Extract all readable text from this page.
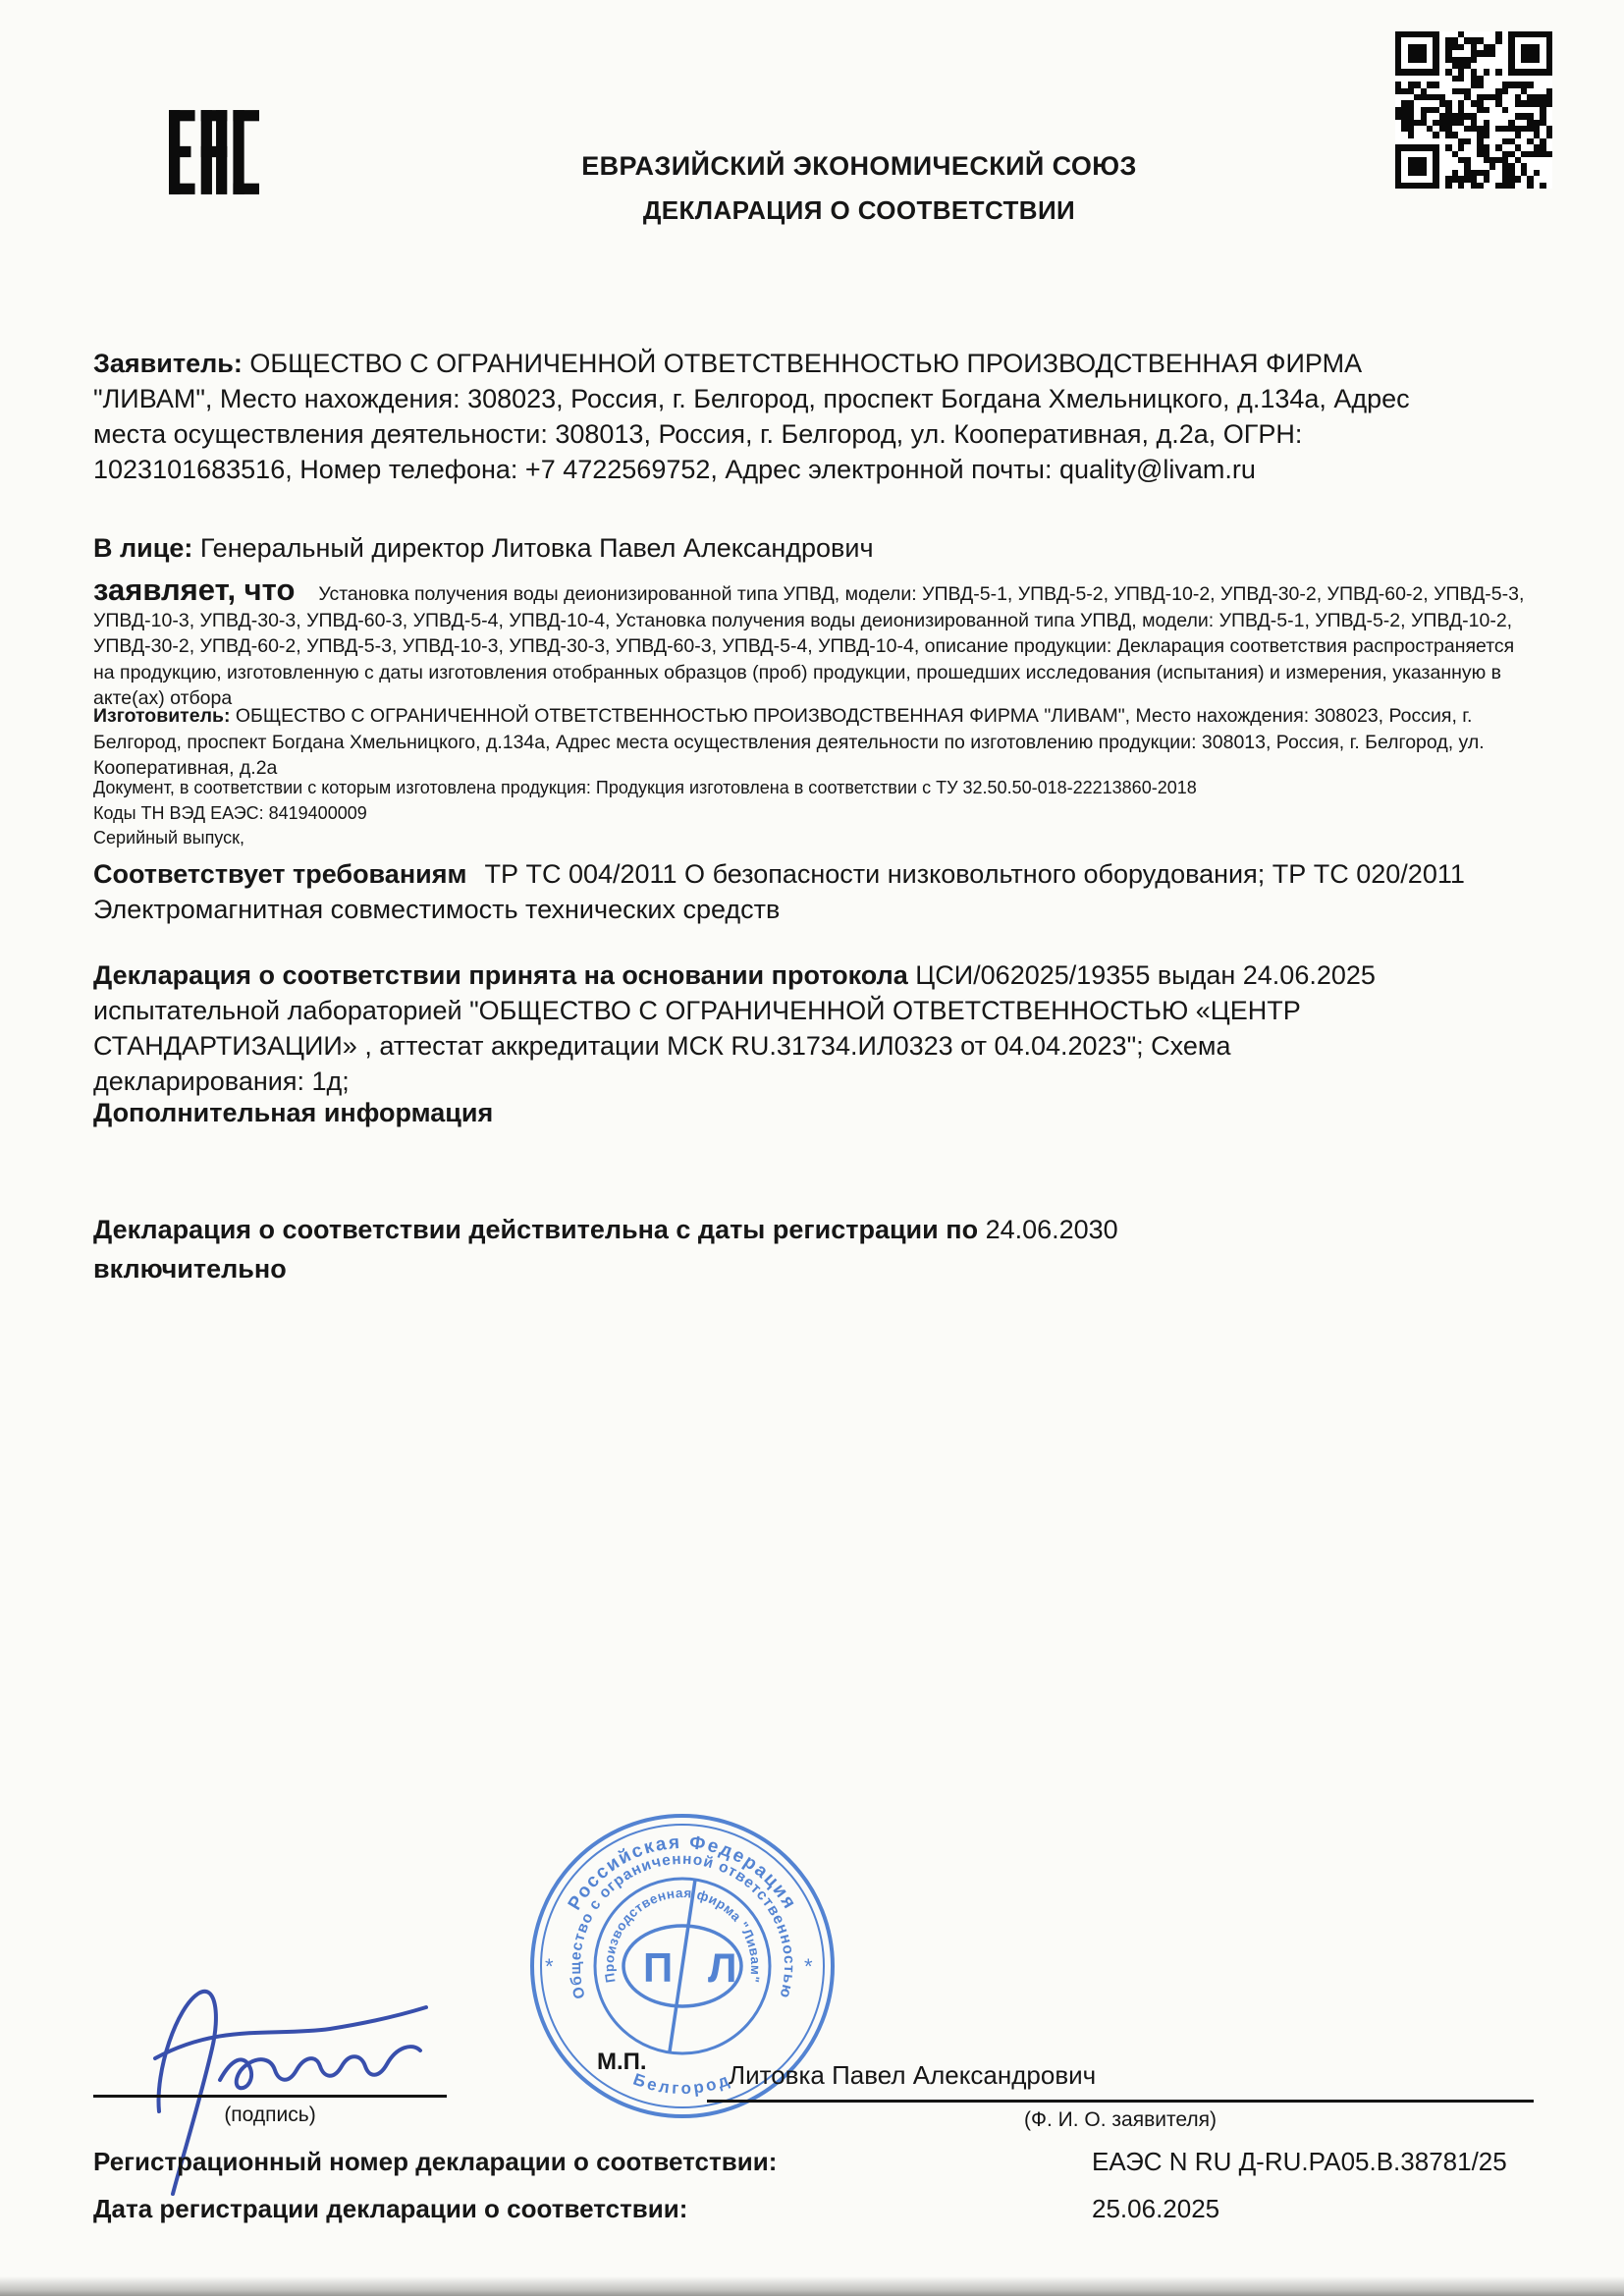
ЕВРАЗИЙСКИЙ ЭКОНОМИЧЕСКИЙ СОЮЗ
ДЕКЛАРАЦИЯ О СООТВЕТСТВИИ
Заявитель: ОБЩЕСТВО С ОГРАНИЧЕННОЙ ОТВЕТСТВЕННОСТЬЮ ПРОИЗВОДСТВЕННАЯ ФИРМА "ЛИВАМ", Место нахождения: 308023, Россия, г. Белгород, проспект Богдана Хмельницкого, д.134а, Адрес места осуществления деятельности: 308013, Россия, г. Белгород, ул. Кооперативная, д.2а, ОГРН: 1023101683516, Номер телефона: +7 4722569752, Адрес электронной почты: quality@livam.ru
В лице: Генеральный директор Литовка Павел Александрович
заявляет, что Установка получения воды деионизированной типа УПВД, модели: УПВД-5-1, УПВД-5-2, УПВД-10-2, УПВД-30-2, УПВД-60-2, УПВД-5-3, УПВД-10-3, УПВД-30-3, УПВД-60-3, УПВД-5-4, УПВД-10-4, Установка получения воды деионизированной типа УПВД, модели: УПВД-5-1, УПВД-5-2, УПВД-10-2, УПВД-30-2, УПВД-60-2, УПВД-5-3, УПВД-10-3, УПВД-30-3, УПВД-60-3, УПВД-5-4, УПВД-10-4, описание продукции: Декларация соответствия распространяется на продукцию, изготовленную с даты изготовления отобранных образцов (проб) продукции, прошедших исследования (испытания) и измерения, указанную в акте(ах) отбора
Изготовитель: ОБЩЕСТВО С ОГРАНИЧЕННОЙ ОТВЕТСТВЕННОСТЬЮ ПРОИЗВОДСТВЕННАЯ ФИРМА "ЛИВАМ", Место нахождения: 308023, Россия, г. Белгород, проспект Богдана Хмельницкого, д.134а, Адрес места осуществления деятельности по изготовлению продукции: 308013, Россия, г. Белгород, ул. Кооперативная, д.2а
Документ, в соответствии с которым изготовлена продукция: Продукция изготовлена в соответствии с ТУ 32.50.50-018-22213860-2018
Коды ТН ВЭД ЕАЭС: 8419400009
Серийный выпуск,
Соответствует требованиям ТР ТС 004/2011 О безопасности низковольтного оборудования; ТР ТС 020/2011 Электромагнитная совместимость технических средств
Декларация о соответствии принята на основании протокола ЦСИ/062025/19355 выдан 24.06.2025 испытательной лабораторией "ОБЩЕСТВО С ОГРАНИЧЕННОЙ ОТВЕТСТВЕННОСТЬЮ «ЦЕНТР СТАНДАРТИЗАЦИИ» , аттестат аккредитации МСК RU.31734.ИЛ0323 от 04.04.2023"; Схема декларирования: 1д;
Дополнительная информация
Декларация о соответствии действительна с даты регистрации по 24.06.2030
включительно
П Л
Российская Федерация
Белгород
Общество с ограниченной ответственностью
Производственная фирма "Ливам"
*	*
(подпись)
М.П.	Литовка Павел Александрович
(Ф. И. О. заявителя)
Регистрационный номер декларации о соответствии:	ЕАЭС N RU Д-RU.РА05.В.38781/25
Дата регистрации декларации о соответствии:	25.06.2025
